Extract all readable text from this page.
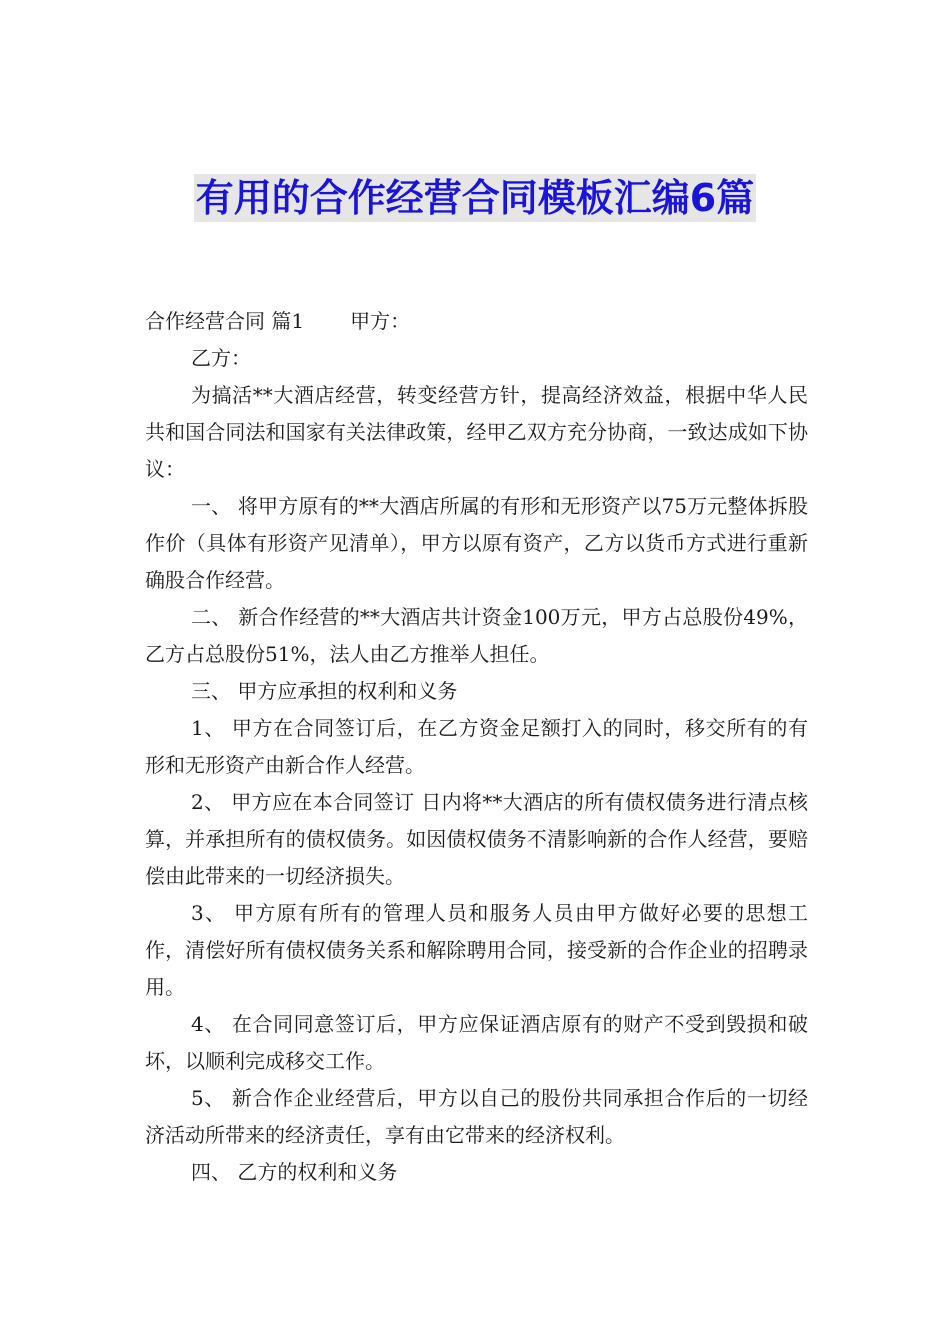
有用的合作经营合同模板汇编6篇

合作经营合同 篇1 甲方：

乙方：

为搞活**大酒店经营，转变经营方针，提高经济效益，根据中华人民共和国合同法和国家有关法律政策，经甲乙双方充分协商，一致达成如下协议：

一、 将甲方原有的**大酒店所属的有形和无形资产以75万元整体拆股作价（具体有形资产见清单），甲方以原有资产，乙方以货币方式进行重新确股合作经营。

二、 新合作经营的**大酒店共计资金100万元，甲方占总股份49%，乙方占总股份51%，法人由乙方推举人担任。

三、 甲方应承担的权利和义务

1、 甲方在合同签订后，在乙方资金足额打入的同时，移交所有的有形和无形资产由新合作人经营。

2、 甲方应在本合同签订 日内将**大酒店的所有债权债务进行清点核算，并承担所有的债权债务。如因债权债务不清影响新的合作人经营，要赔偿由此带来的一切经济损失。

3、 甲方原有所有的管理人员和服务人员由甲方做好必要的思想工作，清偿好所有债权债务关系和解除聘用合同，接受新的合作企业的招聘录用。

4、 在合同同意签订后，甲方应保证酒店原有的财产不受到毁损和破坏，以顺利完成移交工作。

5、 新合作企业经营后，甲方以自己的股份共同承担合作后的一切经济活动所带来的经济责任，享有由它带来的经济权利。

四、 乙方的权利和义务
